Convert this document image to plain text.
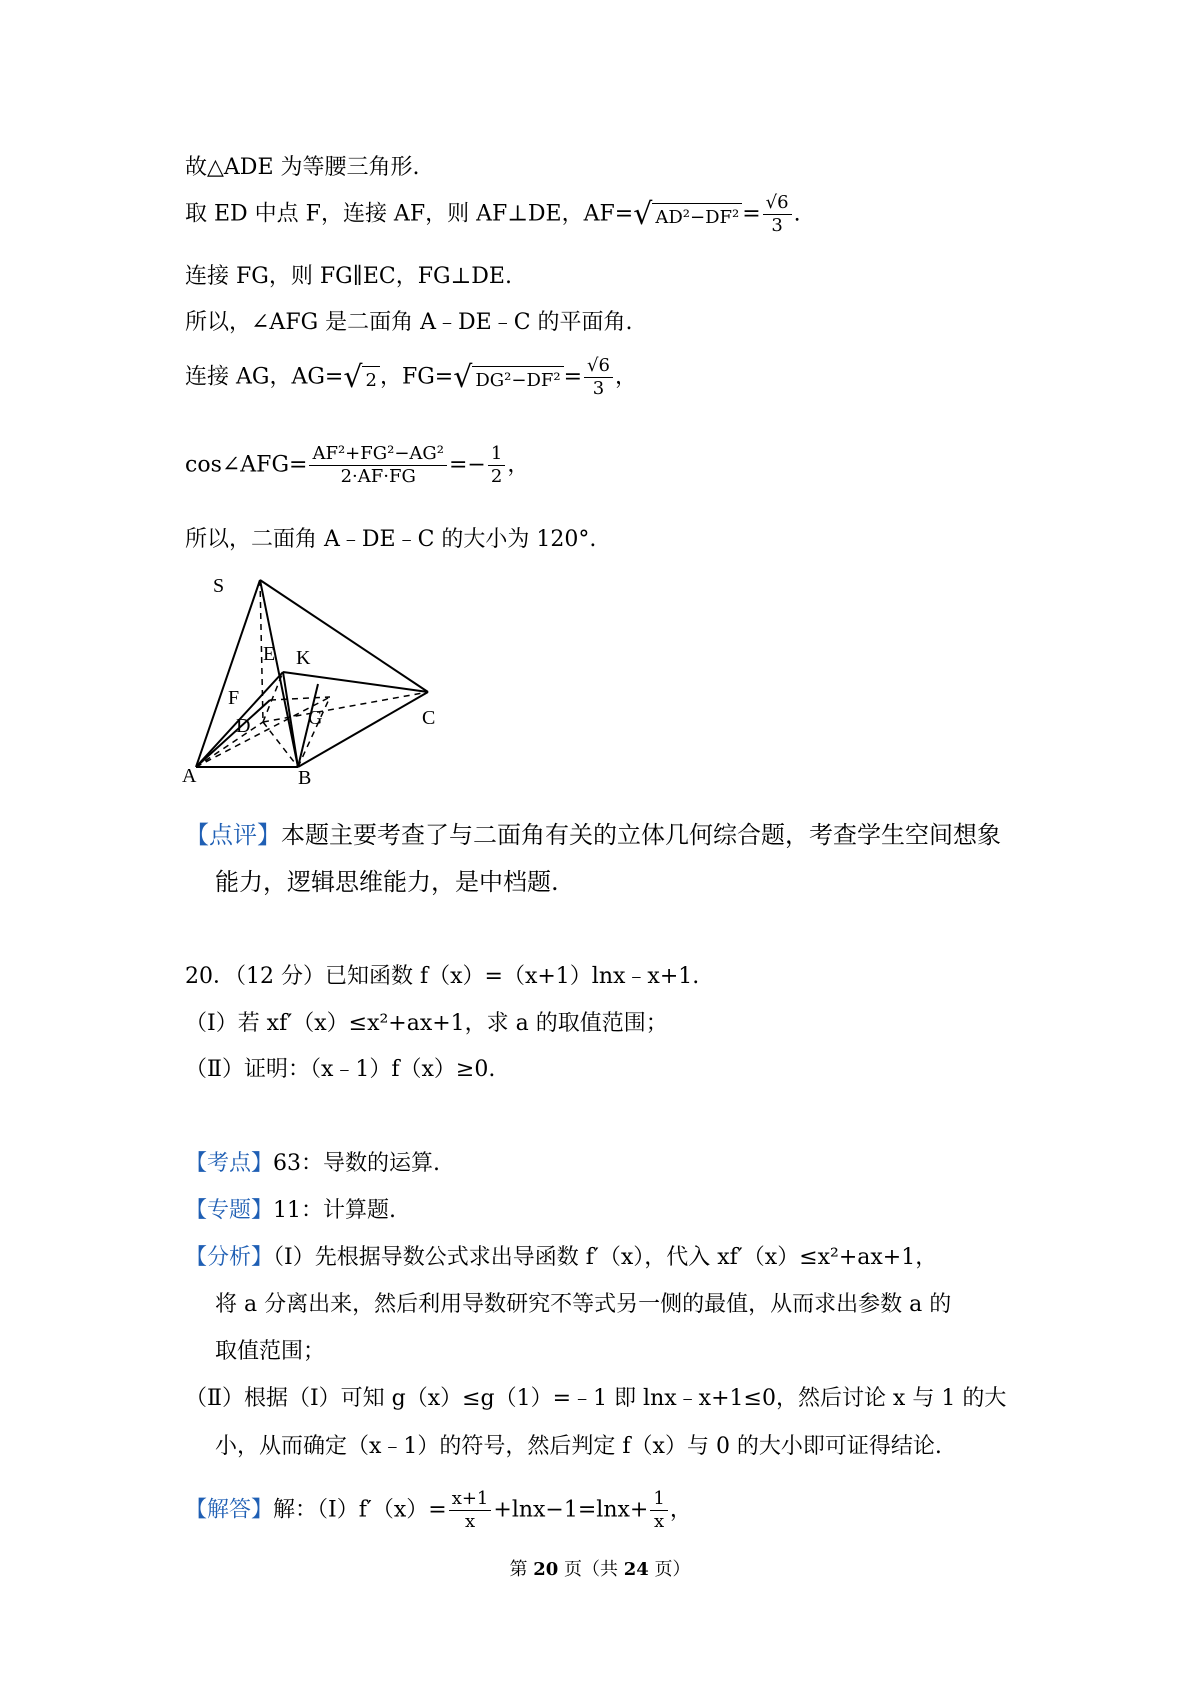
故△ADE 为等腰三角形.
取 ED 中点 F，连接 AF，则 AF⊥DE，AF= √ $AD^2-DF^2 = \frac{√6}{3}$ .
连接 FG，则 FG∥EC，FG⊥DE.
所以，∠AFG 是二面角 A﹣DE﹣C 的平面角.
连接 AG，AG= √ 2 ，FG= √ $DG^2-DF^2 = \frac{√6}{3}$ ，
cos∠AFG= $\frac{\text{AF²+FG²−AG²}}{2\cdot AF\cdot FG} =- \frac{1}{2}$ ，
所以，二面角 A﹣DE﹣C 的大小为 120°.
S
E K
F
D	G	C
A	B
【点评】本题主要考查了与二面角有关的立体几何综合题，考查学生空间想象
能力，逻辑思维能力，是中档题.
20．（12 分）已知函数 f（x）=（x+1）lnx﹣x+1.
（Ⅰ）若 xf′（x）≤x²+ax+1，求 a 的取值范围；
（Ⅱ）证明：（x﹣1）f（x）≥0.
【考点】63：导数的运算.
【专题】11：计算题.
【分析】（Ⅰ）先根据导数公式求出导函数 f′（x），代入 xf′（x）≤x²+ax+1，
将 a 分离出来，然后利用导数研究不等式另一侧的最值，从而求出参数 a 的
取值范围；
（Ⅱ）根据（Ⅰ）可知 g（x）≤g（1）=﹣1 即 lnx﹣x+1≤0，然后讨论 x 与 1 的大
小，从而确定（x﹣1）的符号，然后判定 f（x）与 0 的大小即可证得结论.
【解答】解：（Ⅰ）f′（x）= $\frac{x+1}{x} +\ln x-1=\ln x+ \frac{1}{x}$ ，
第 20 页（共 24 页）
